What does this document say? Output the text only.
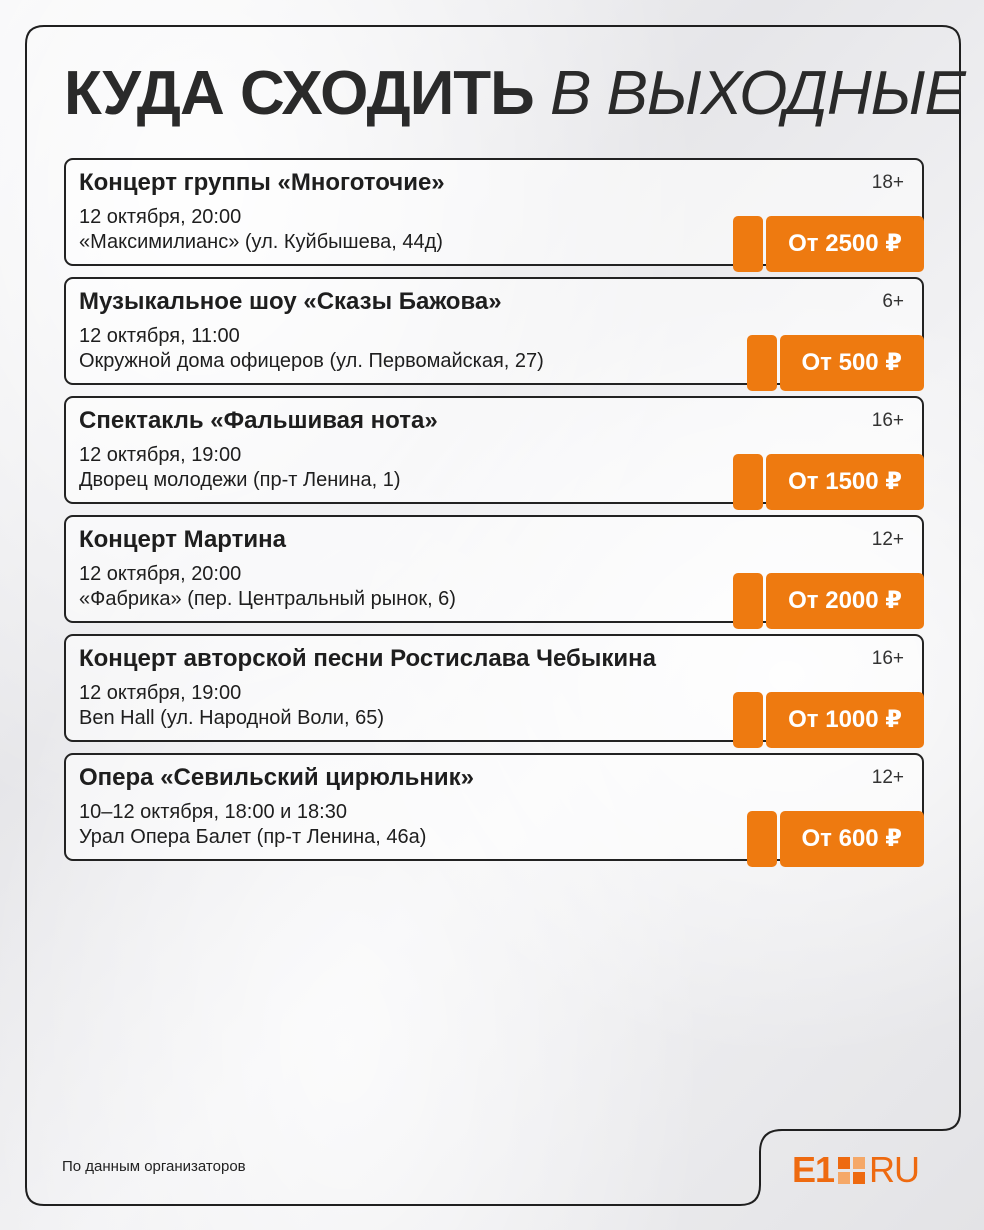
КУДА СХОДИТЬ В ВЫХОДНЫЕ
Концерт группы «Многоточие»	18+
12 октября, 20:00
«Максимилианс» (ул. Куйбышева, 44д)	От 2500 ₽
Музыкальное шоу «Сказы Бажова»	6+
12 октября, 11:00
Окружной дома офицеров (ул. Первомайская, 27)	От 500 ₽
Спектакль «Фальшивая нота»	16+
12 октября, 19:00
Дворец молодежи (пр-т Ленина, 1)	От 1500 ₽
Концерт Мартина	12+
12 октября, 20:00
«Фабрика» (пер. Центральный рынок, 6)	От 2000 ₽
Концерт авторской песни Ростислава Чебыкина	16+
12 октября, 19:00
Ben Hall (ул. Народной Воли, 65)	От 1000 ₽
Опера «Севильский цирюльник»	12+
10–12 октября, 18:00 и 18:30
Урал Опера Балет (пр-т Ленина, 46а)	От 600 ₽
По данным организаторов	E1 RU
